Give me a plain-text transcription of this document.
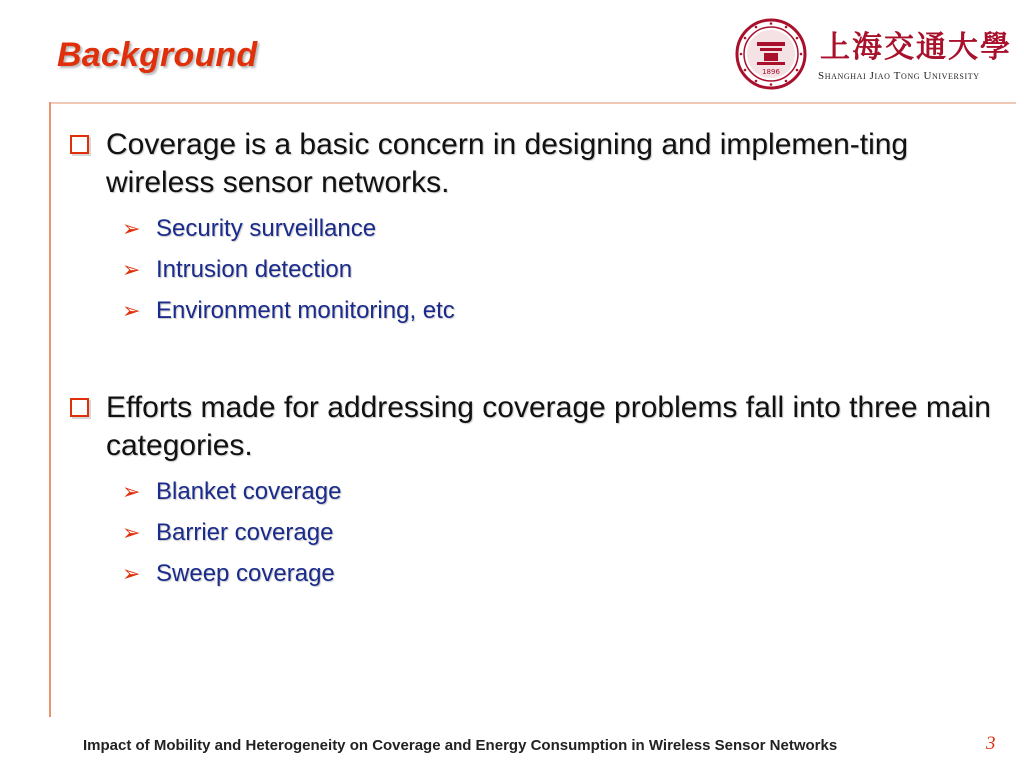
Background	1896
上海交通大學
Shanghai Jiao Tong University
Coverage is a basic concern in designing and implemen-ting wireless sensor networks.
➢ Security surveillance
➢ Intrusion detection
➢ Environment monitoring, etc
Efforts made for addressing coverage problems fall into three main categories.
➢ Blanket coverage
➢ Barrier coverage
➢ Sweep coverage
Impact of Mobility and Heterogeneity on Coverage and Energy Consumption in Wireless Sensor Networks	3
